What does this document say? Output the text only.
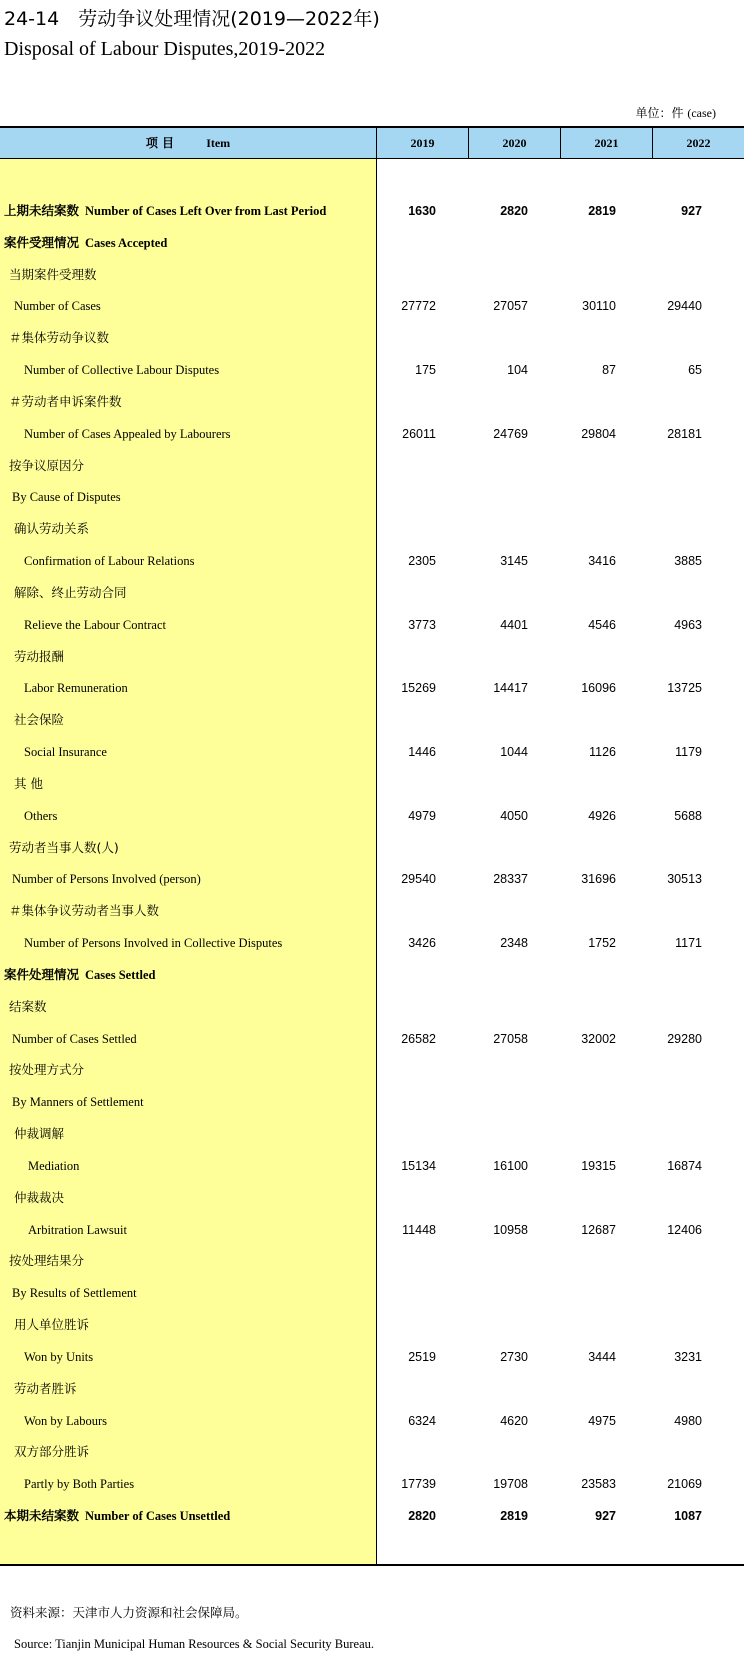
24-14　劳动争议处理情况(2019—2022年)
Disposal of Labour Disputes,2019-2022
单位：件 (case)
项 目	Item	2019	2020	2021	2022
上期未结案数 Number of Cases Left Over from Last Period	1630	2820	2819	927
案件受理情况 Cases Accepted
当期案件受理数
Number of Cases	27772	27057	30110	29440
＃集体劳动争议数
Number of Collective Labour Disputes	175	104	87	65
＃劳动者申诉案件数
Number of Cases Appealed by Labourers	26011	24769	29804	28181
按争议原因分
By Cause of Disputes
确认劳动关系
Confirmation of Labour Relations	2305	3145	3416	3885
解除、终止劳动合同
Relieve the Labour Contract	3773	4401	4546	4963
劳动报酬
Labor Remuneration	15269	14417	16096	13725
社会保险
Social Insurance	1446	1044	1126	1179
其 他
Others	4979	4050	4926	5688
劳动者当事人数(人)
Number of Persons Involved (person)	29540	28337	31696	30513
＃集体争议劳动者当事人数
Number of Persons Involved in Collective Disputes	3426	2348	1752	1171
案件处理情况 Cases Settled
结案数
Number of Cases Settled	26582	27058	32002	29280
按处理方式分
By Manners of Settlement
仲裁调解
Mediation	15134	16100	19315	16874
仲裁裁决
Arbitration Lawsuit	11448	10958	12687	12406
按处理结果分
By Results of Settlement
用人单位胜诉
Won by Units	2519	2730	3444	3231
劳动者胜诉
Won by Labours	6324	4620	4975	4980
双方部分胜诉
Partly by Both Parties	17739	19708	23583	21069
本期未结案数 Number of Cases Unsettled	2820	2819	927	1087
资料来源：天津市人力资源和社会保障局。
Source: Tianjin Municipal Human Resources & Social Security Bureau.
